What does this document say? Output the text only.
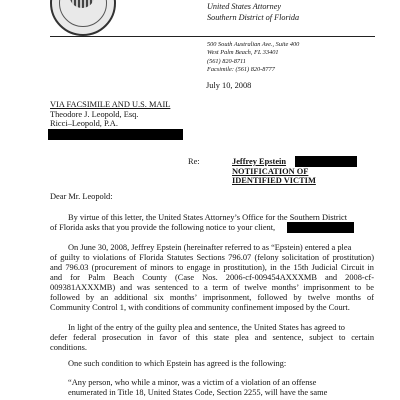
United States Attorney
Southern District of Florida
500 South Australian Ave., Suite 400
West Palm Beach, FL 33401
(561) 820-8711
Facsimile: (561) 820-8777
July 10, 2008
VIA FACSIMILE AND U.S. MAIL
Theodore J. Leopold, Esq.
Ricci–Leopold, P.A.
Re:	Jeffrey Epstein NOTIFICATION OF
IDENTIFIED VICTIM
Dear Mr. Leopold:
By virtue of this letter, the United States Attorney’s Office for the Southern District
of Florida asks that you provide the following notice to your client,
On June 30, 2008, Jeffrey Epstein (hereinafter referred to as “Epstein) entered a plea
of guilty to violations of Florida Statutes Sections 796.07 (felony solicitation of prostitution)
and 796.03 (procurement of minors to engage in prostitution), in the 15th Judicial Circuit in
and for Palm Beach County (Case Nos. 2006-cf-009454AXXXMB and 2008-cf-
009381AXXXMB) and was sentenced to a term of twelve months’ imprisonment to be
followed by an additional six months’ imprisonment, followed by twelve months of
Community Control 1, with conditions of community confinement imposed by the Court.
In light of the entry of the guilty plea and sentence, the United States has agreed to
defer federal prosecution in favor of this state plea and sentence, subject to certain
conditions.
One such condition to which Epstein has agreed is the following:
“Any person, who while a minor, was a victim of a violation of an offense
enumerated in Title 18, United States Code, Section 2255, will have the same
